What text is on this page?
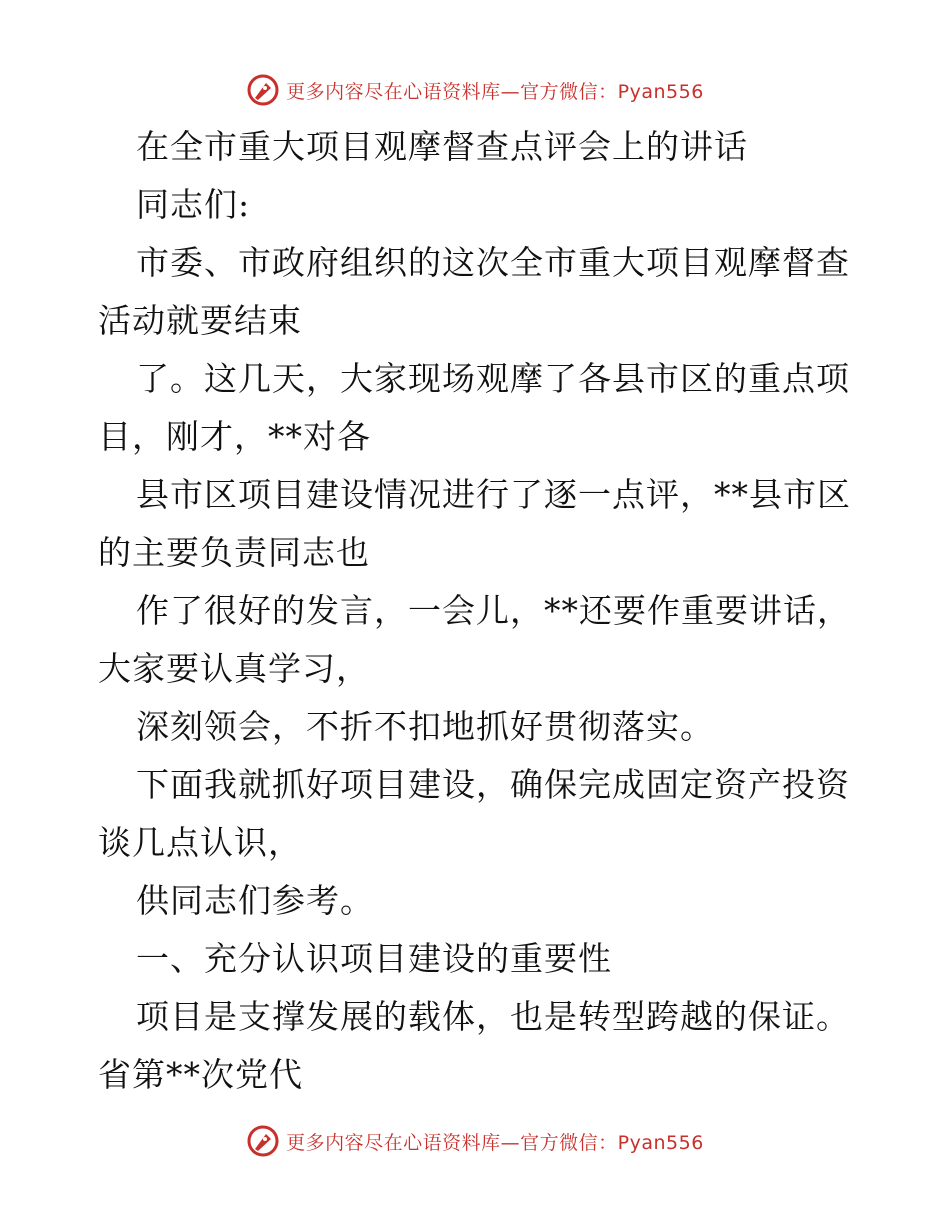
更多内容尽在心语资料库—官方微信：Pyan556
在全市重大项目观摩督查点评会上的讲话
同志们:
市委、市政府组织的这次全市重大项目观摩督查
活动就要结束
了。这几天，大家现场观摩了各县市区的重点项
目，刚才，**对各
县市区项目建设情况进行了逐一点评，**县市区
的主要负责同志也
作了很好的发言，一会儿，**还要作重要讲话，
大家要认真学习，
深刻领会，不折不扣地抓好贯彻落实。
下面我就抓好项目建设，确保完成固定资产投资
谈几点认识，
供同志们参考。
一、充分认识项目建设的重要性
项目是支撑发展的载体，也是转型跨越的保证。
省第**次党代
更多内容尽在心语资料库—官方微信：Pyan556
